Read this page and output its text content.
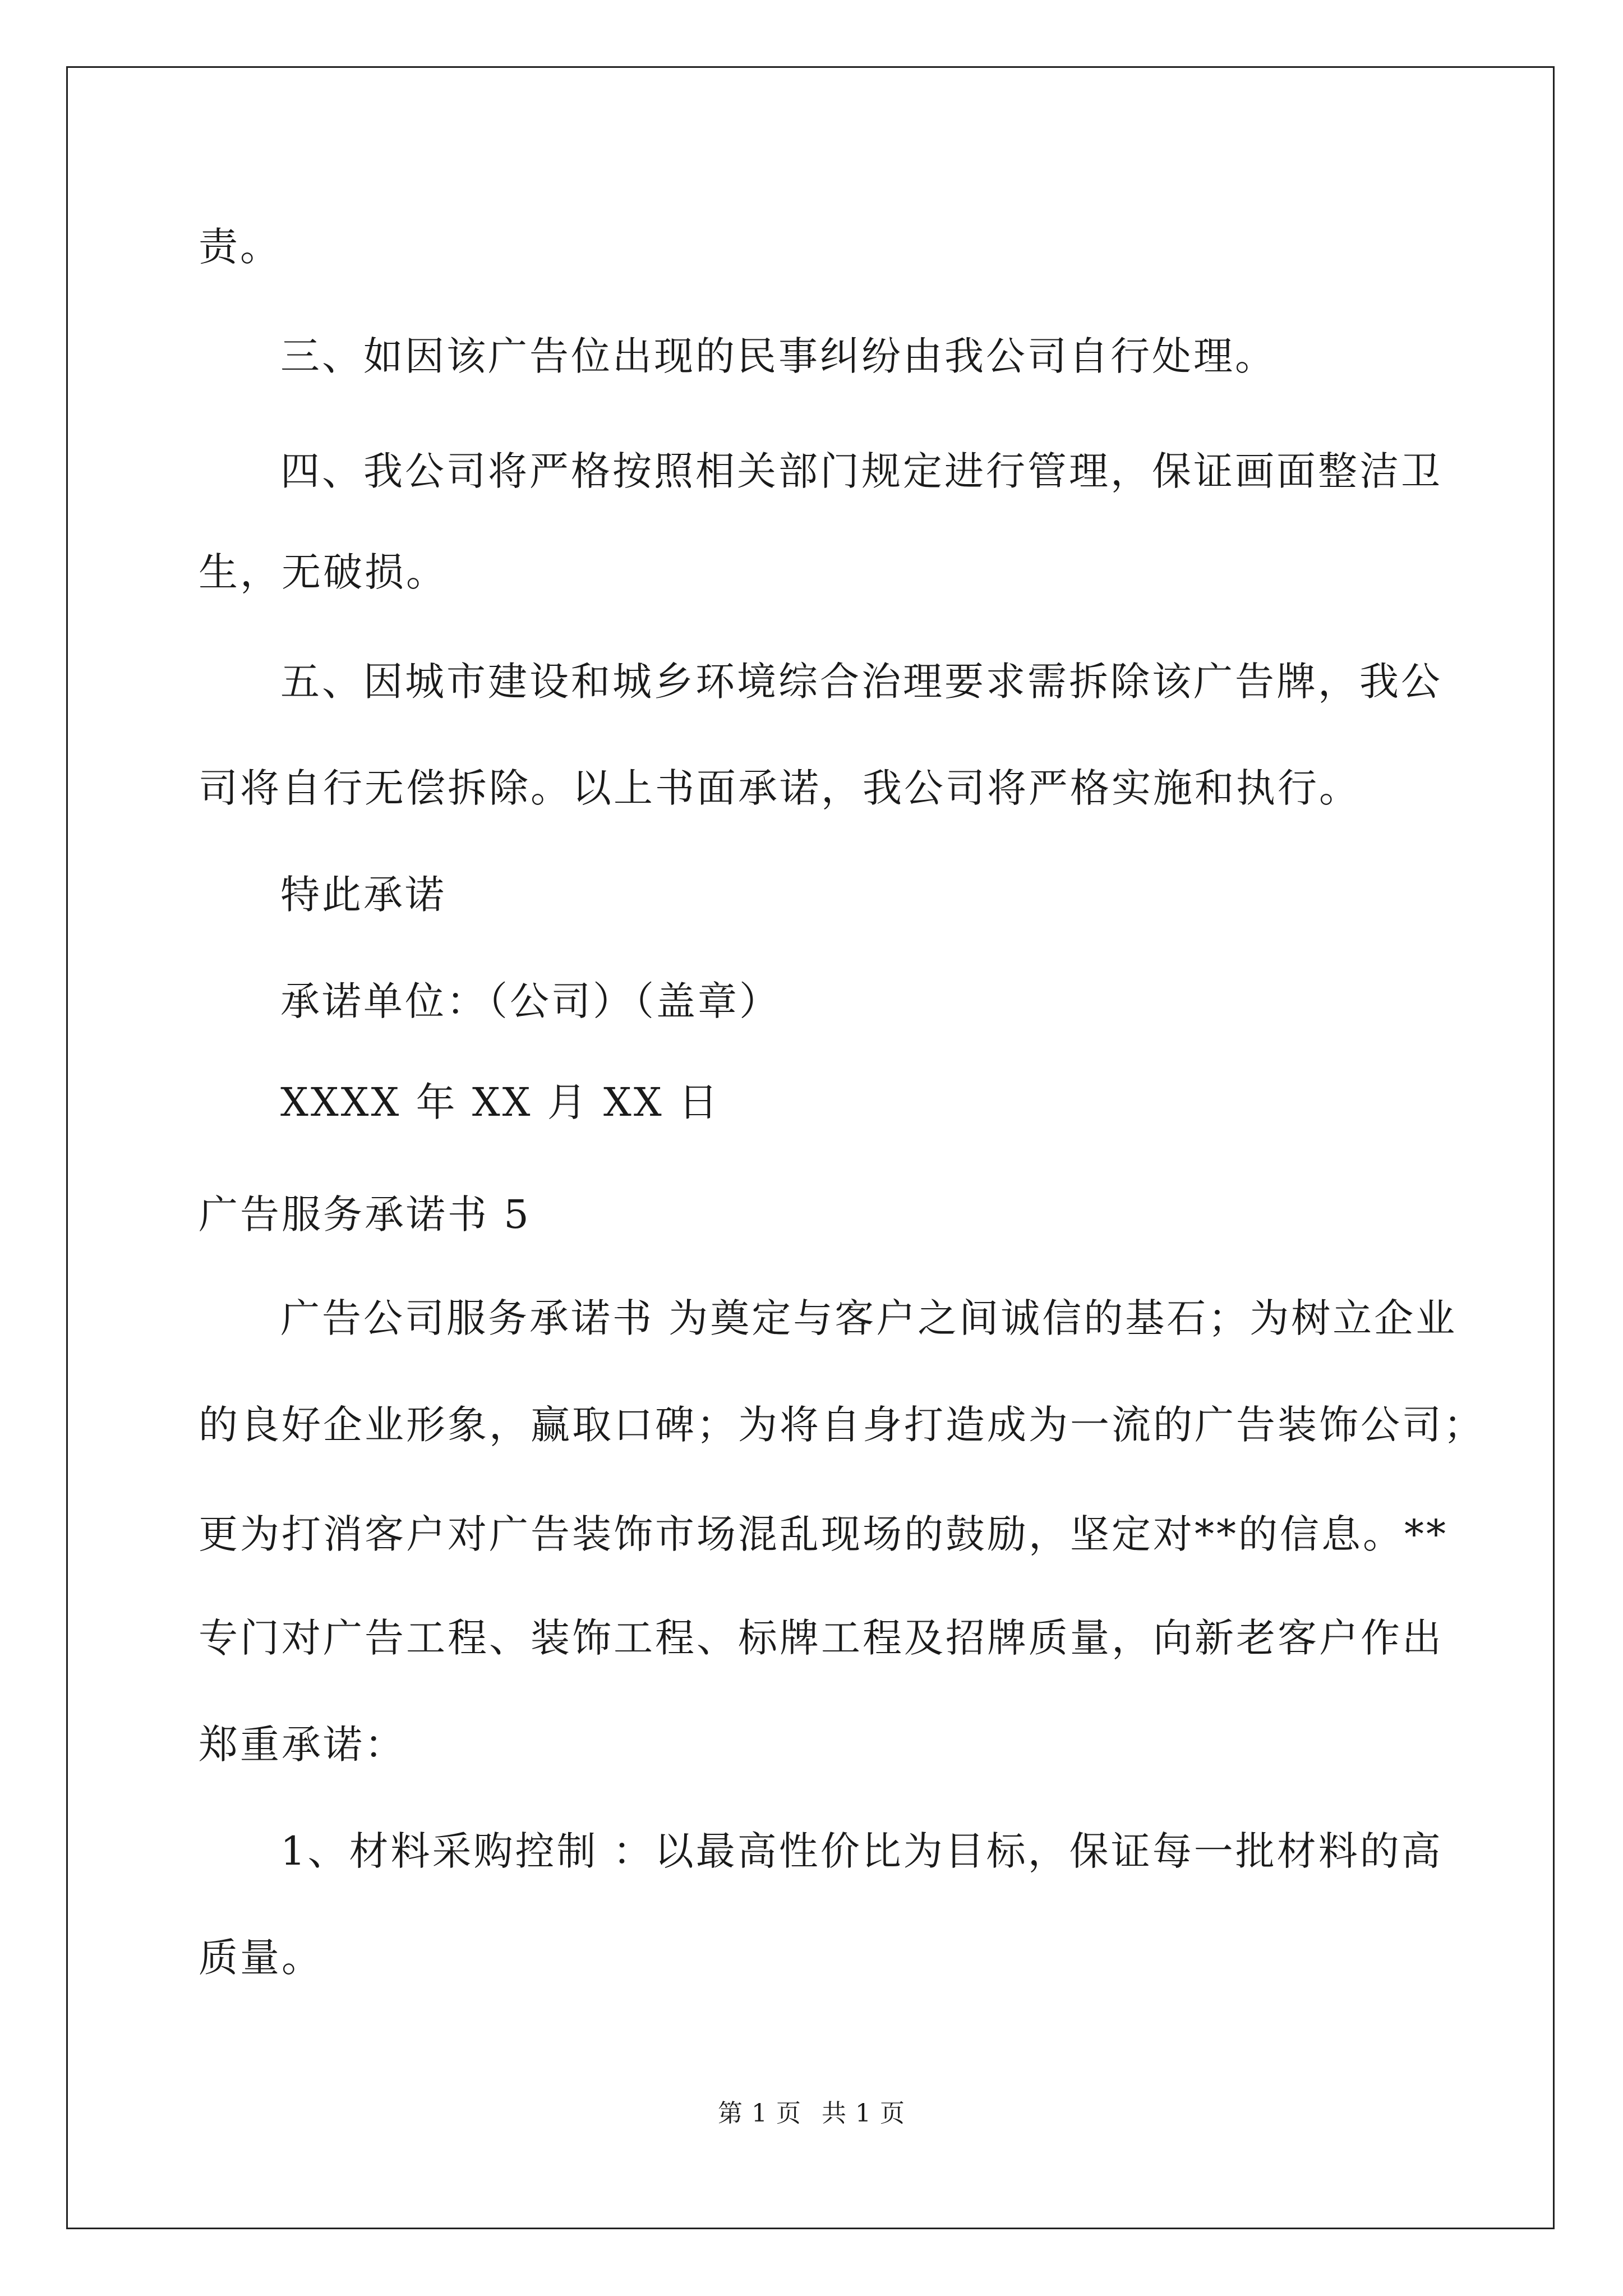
责。
三、如因该广告位出现的民事纠纷由我公司自行处理。
四、我公司将严格按照相关部门规定进行管理，保证画面整洁卫
生，无破损。
五、因城市建设和城乡环境综合治理要求需拆除该广告牌，我公
司将自行无偿拆除。以上书面承诺，我公司将严格实施和执行。
特此承诺
承诺单位：（公司）（盖章）
XXXX 年 XX 月 XX 日
广告服务承诺书 5
广告公司服务承诺书 为奠定与客户之间诚信的基石；为树立企业
的良好企业形象，赢取口碑；为将自身打造成为一流的广告装饰公司；
更为打消客户对广告装饰市场混乱现场的鼓励，坚定对**的信息。**
专门对广告工程、装饰工程、标牌工程及招牌质量，向新老客户作出
郑重承诺：
1、材料采购控制 ：以最高性价比为目标，保证每一批材料的高
质量。
第 1 页 共 1 页
